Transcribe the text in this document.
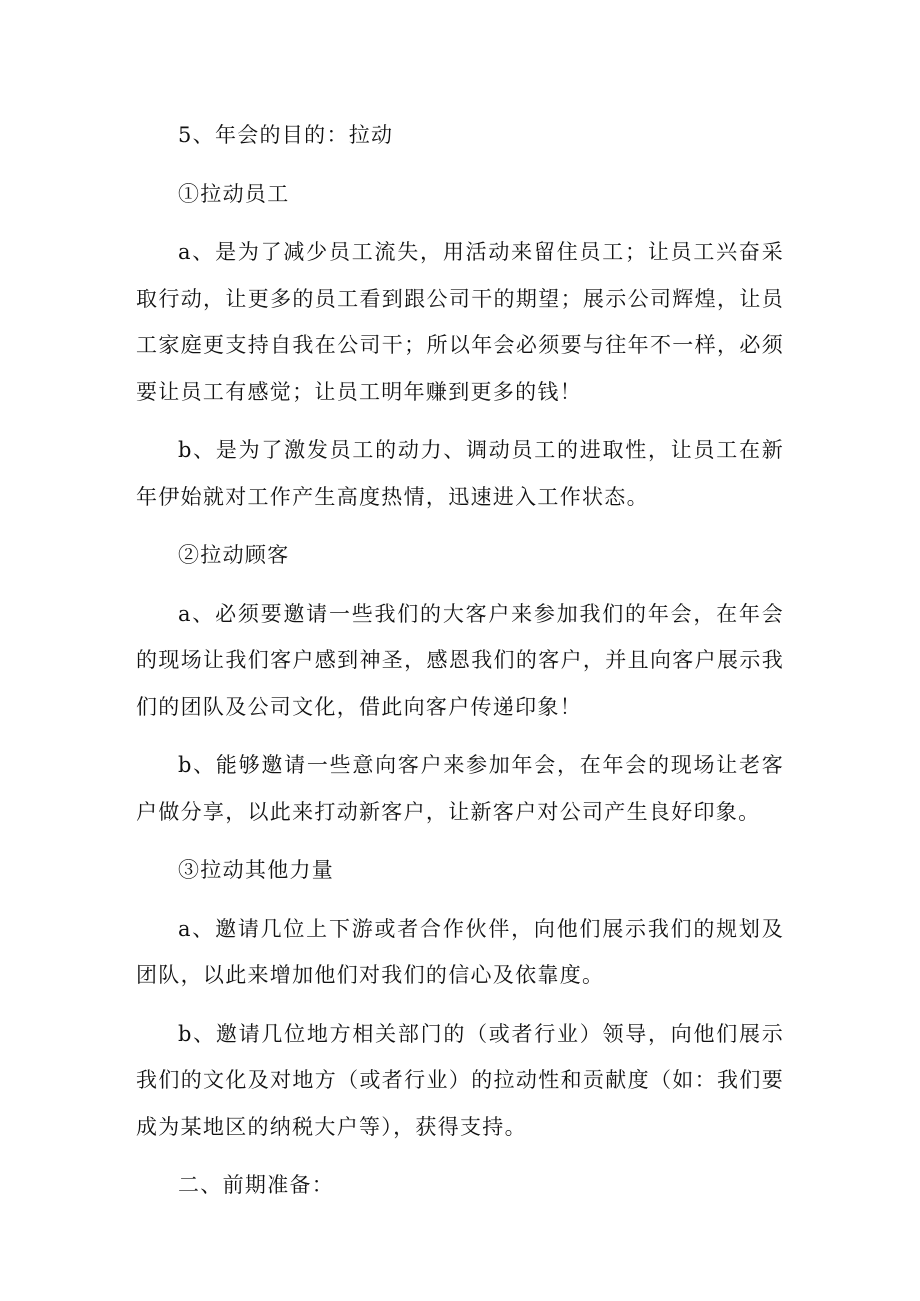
5、年会的目的：拉动

①拉动员工

a、是为了减少员工流失，用活动来留住员工；让员工兴奋采取行动，让更多的员工看到跟公司干的期望；展示公司辉煌，让员工家庭更支持自我在公司干；所以年会必须要与往年不一样，必须要让员工有感觉；让员工明年赚到更多的钱！

b、是为了激发员工的动力、调动员工的进取性，让员工在新年伊始就对工作产生高度热情，迅速进入工作状态。

②拉动顾客

a、必须要邀请一些我们的大客户来参加我们的年会，在年会的现场让我们客户感到神圣，感恩我们的客户，并且向客户展示我们的团队及公司文化，借此向客户传递印象！

b、能够邀请一些意向客户来参加年会，在年会的现场让老客户做分享，以此来打动新客户，让新客户对公司产生良好印象。

③拉动其他力量

a、邀请几位上下游或者合作伙伴，向他们展示我们的规划及团队，以此来增加他们对我们的信心及依靠度。

b、邀请几位地方相关部门的（或者行业）领导，向他们展示我们的文化及对地方（或者行业）的拉动性和贡献度（如：我们要成为某地区的纳税大户等），获得支持。

二、前期准备：
